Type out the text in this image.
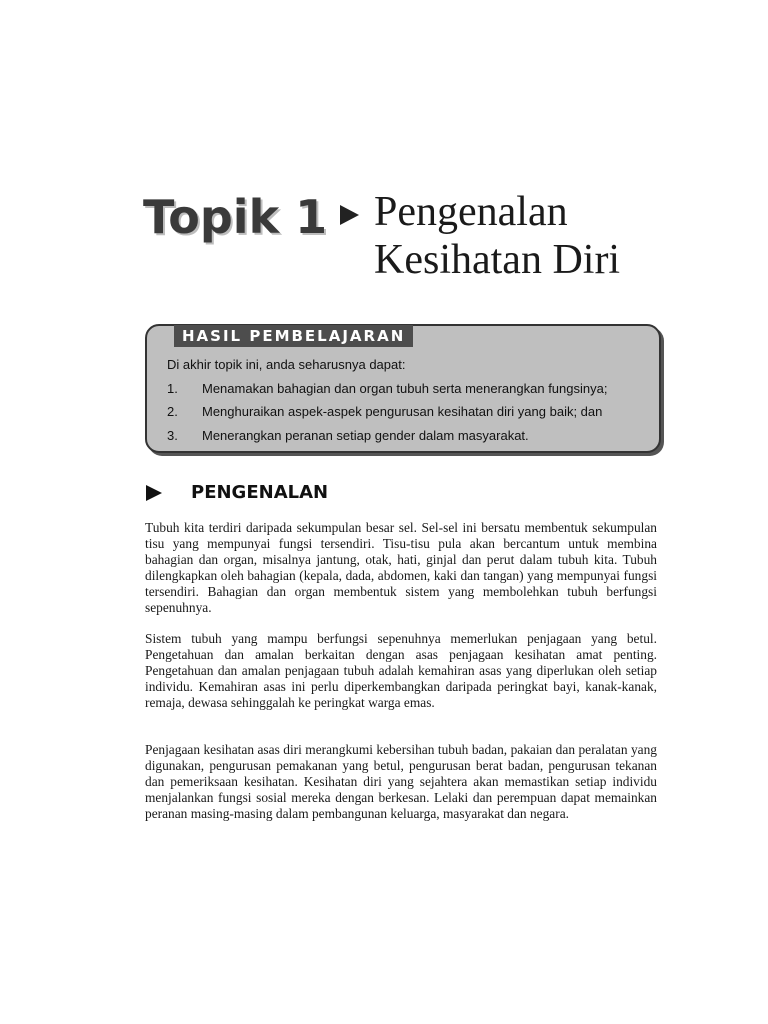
Topik 1 Pengenalan
Kesihatan Diri
HASIL PEMBELAJARAN
Di akhir topik ini, anda seharusnya dapat:
1. Menamakan bahagian dan organ tubuh serta menerangkan fungsinya;
2. Menghuraikan aspek-aspek pengurusan kesihatan diri yang baik; dan
3. Menerangkan peranan setiap gender dalam masyarakat.
PENGENALAN

Tubuh kita terdiri daripada sekumpulan besar sel. Sel-sel ini bersatu membentuk sekumpulan tisu yang mempunyai fungsi tersendiri. Tisu-tisu pula akan bercantum untuk membina bahagian dan organ, misalnya jantung, otak, hati, ginjal dan perut dalam tubuh kita. Tubuh dilengkapkan oleh bahagian (kepala, dada, abdomen, kaki dan tangan) yang mempunyai fungsi tersendiri. Bahagian dan organ membentuk sistem yang membolehkan tubuh berfungsi sepenuhnya.

Sistem tubuh yang mampu berfungsi sepenuhnya memerlukan penjagaan yang betul. Pengetahuan dan amalan berkaitan dengan asas penjagaan kesihatan amat penting. Pengetahuan dan amalan penjagaan tubuh adalah kemahiran asas yang diperlukan oleh setiap individu. Kemahiran asas ini perlu diperkembangkan daripada peringkat bayi, kanak-kanak, remaja, dewasa sehinggalah ke peringkat warga emas.

Penjagaan kesihatan asas diri merangkumi kebersihan tubuh badan, pakaian dan peralatan yang digunakan, pengurusan pemakanan yang betul, pengurusan berat badan, pengurusan tekanan dan pemeriksaan kesihatan. Kesihatan diri yang sejahtera akan memastikan setiap individu menjalankan fungsi sosial mereka dengan berkesan. Lelaki dan perempuan dapat memainkan peranan masing-masing dalam pembangunan keluarga, masyarakat dan negara.
